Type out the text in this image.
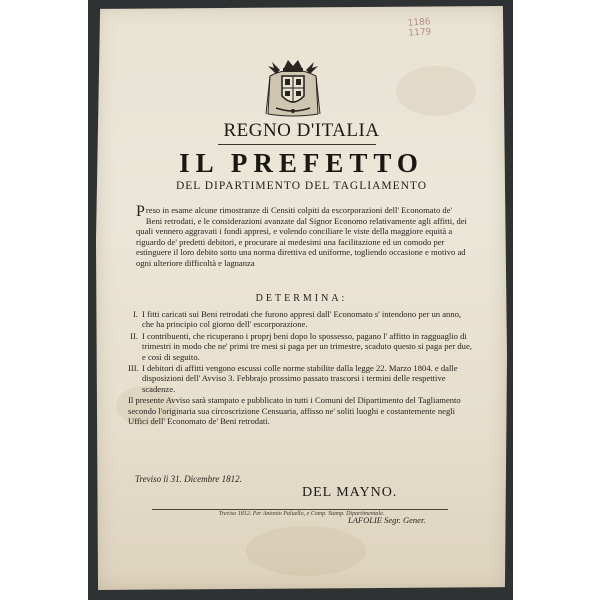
1186
1179
REGNO D'ITALIA
IL PREFETTO
DEL DIPARTIMENTO DEL TAGLIAMENTO

Preso in esame alcune rimostranze di Censiti colpiti da escorporazioni dell' Economato de' Beni retrodati, e le considerazioni avanzate dal Signor Economo relativamente agli affitti, dei quali vennero aggravati i fondi appresi, e volendo conciliare le viste della maggiore equità a riguardo de' predetti debitori, e procurare ai medesimi una facilitazione ed un comodo per estinguere il loro debito sotto una norma direttiva ed uniforme, togliendo occasione e motivo ad ogni ulteriore difficoltà e lagnanza

DETERMINA:
I. I fitti caricati sui Beni retrodati che furono appresi dall' Economato s' intendono per un anno, che ha principio col giorno dell' escorporazione.
II. I contribuenti, che ricuperano i proprj beni dopo lo spossesso, pagano l' affitto in ragguaglio di trimestri in modo che ne' primi tre mesi si paga per un trimestre, scaduto questo si paga per due, e così di seguito.
III. I debitori di affitti vengono escussi colle norme stabilite dalla legge 22. Marzo 1804. e dalle disposizioni dell' Avviso 3. Febbrajo prossimo passato trascorsi i termini delle respettive scadenze.
Il presente Avviso sarà stampato e pubblicato in tutti i Comuni del Dipartimento del Tagliamento secondo l'originaria sua circoscrizione Censuaria, affisso ne' soliti luoghi e costantemente negli Uffici dell' Economato de' Beni retrodati.
Treviso li 31. Dicembre 1812.
DEL MAYNO.
LAFOLIE Segr. Gener.
Treviso 1812. Per Antonio Paluello, e Comp. Stamp. Dipartimentale.
